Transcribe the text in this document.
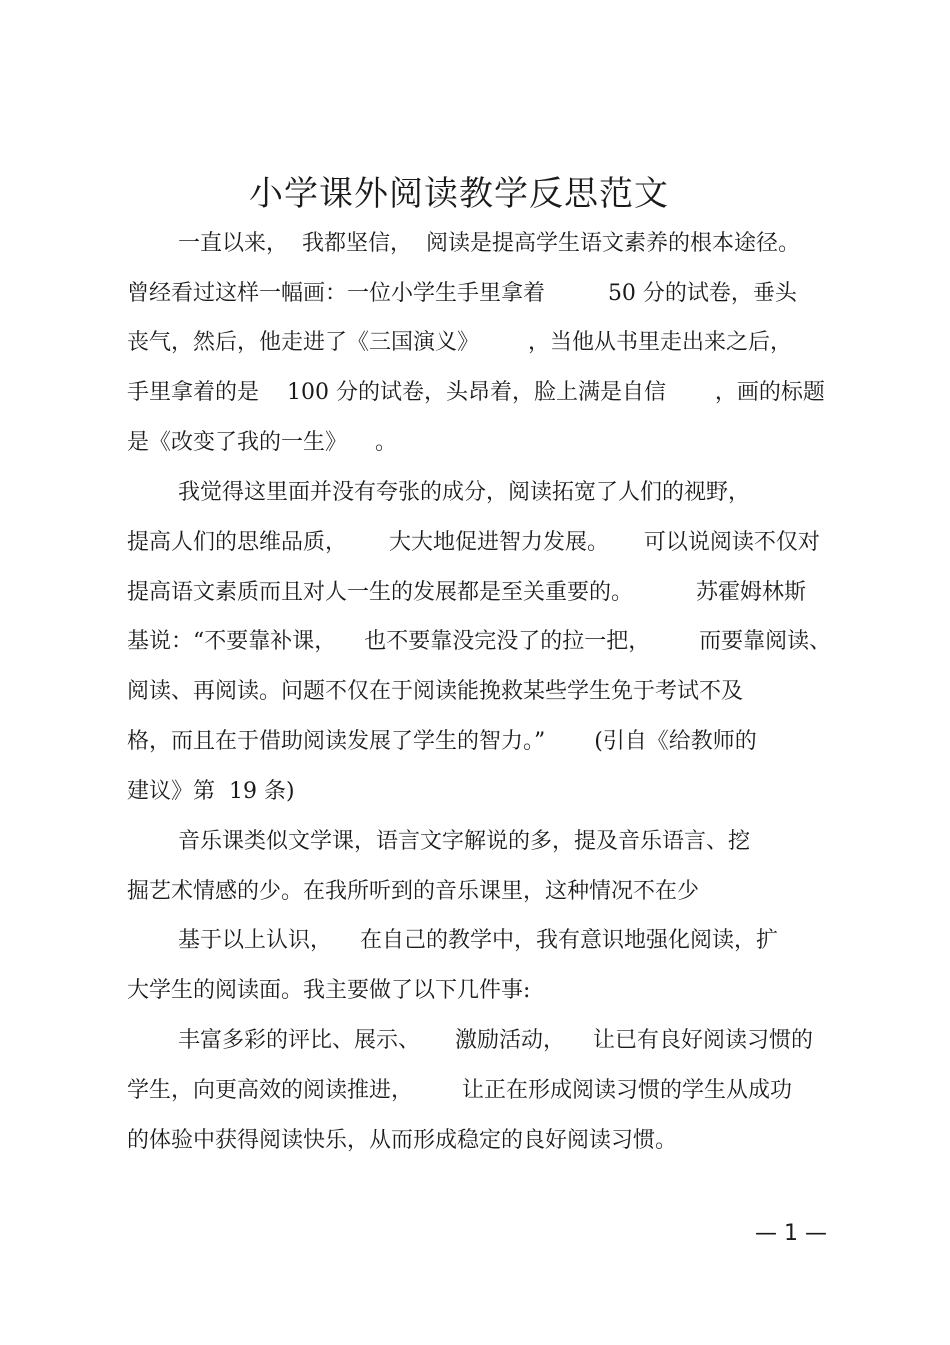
小学课外阅读教学反思范文

一直以来，  我都坚信，  阅读是提高学生语文素养的根本途径。

曾经看过这样一幅画：一位小学生手里拿着         50 分的试卷，垂头

丧气，然后，他走进了《三国演义》       ，当他从书里走出来之后，

手里拿着的是    100 分的试卷，头昂着，脸上满是自信       ，画的标题

是《改变了我的一生》    。

我觉得这里面并没有夸张的成分，阅读拓宽了人们的视野，

提高人们的思维品质，      大大地促进智力发展。     可以说阅读不仅对

提高语文素质而且对人一生的发展都是至关重要的。         苏霍姆林斯

基说：“不要靠补课，    也不要靠没完没了的拉一把，       而要靠阅读、

阅读、再阅读。问题不仅在于阅读能挽救某些学生免于考试不及

格，而且在于借助阅读发展了学生的智力。”       (引自《给教师的

建议》第  19 条)

音乐课类似文学课，语言文字解说的多，提及音乐语言、挖

掘艺术情感的少。在我所听到的音乐课里，这种情况不在少

基于以上认识，    在自己的教学中，我有意识地强化阅读，扩

大学生的阅读面。我主要做了以下几件事:

丰富多彩的评比、展示、     激励活动，    让已有良好阅读习惯的

学生，向更高效的阅读推进，       让正在形成阅读习惯的学生从成功

的体验中获得阅读快乐，从而形成稳定的良好阅读习惯。

— 1 —
